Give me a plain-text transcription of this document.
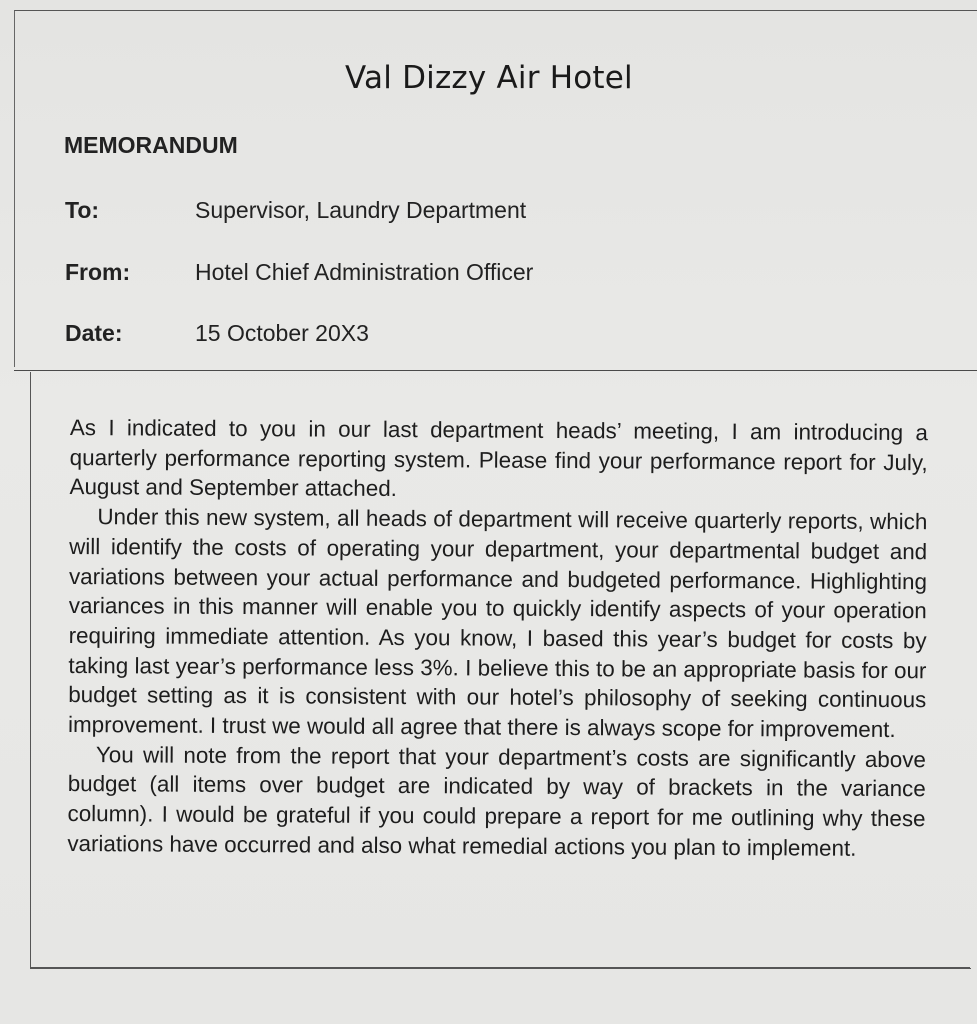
Val Dizzy Air Hotel
MEMORANDUM
To:	Supervisor, Laundry Department
From:	Hotel Chief Administration Officer
Date:	15 October 20X3

As I indicated to you in our last department heads’ meeting, I am introducing a quarterly performance reporting system. Please find your performance report for July, August and September attached.

Under this new system, all heads of department will receive quarterly reports, which will identify the costs of operating your department, your departmental budget and variations between your actual performance and budgeted performance. Highlighting variances in this manner will enable you to quickly identify aspects of your operation requiring immediate attention. As you know, I based this year’s budget for costs by taking last year’s performance less 3%. I believe this to be an appropriate basis for our budget setting as it is consistent with our hotel’s philosophy of seeking continuous improvement. I trust we would all agree that there is always scope for improvement.

You will note from the report that your department’s costs are significantly above budget (all items over budget are indicated by way of brackets in the variance column). I would be grateful if you could prepare a report for me outlining why these variations have occurred and also what remedial actions you plan to implement.
